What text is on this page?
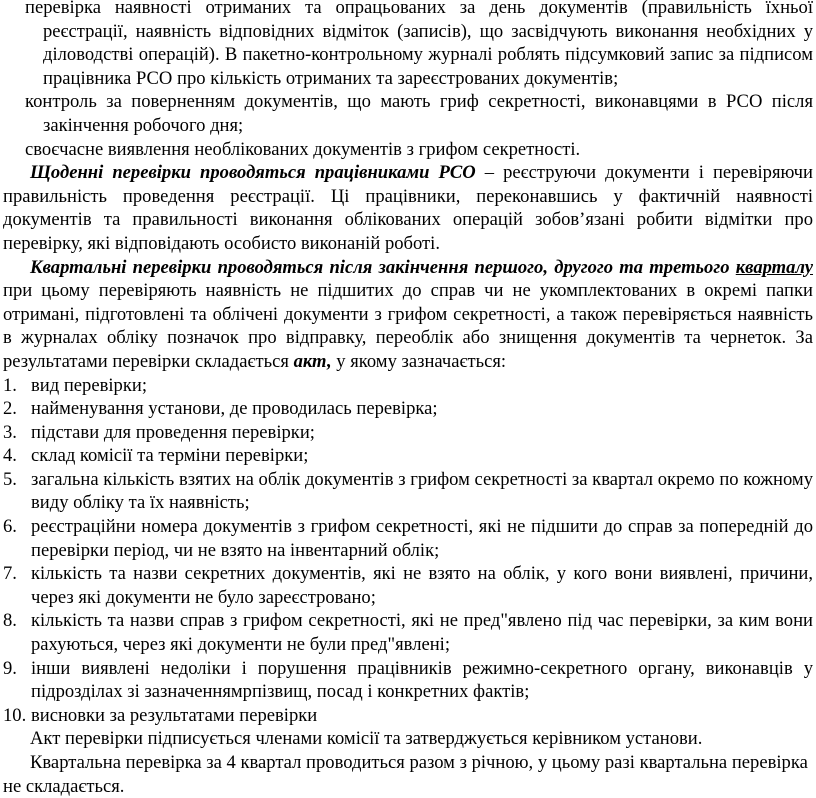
перевірка наявності отриманих та опрацьованих за день документів (правильність їхньої реєстрації, наявність відповідних відміток (записів), що засвідчують виконання необхідних у діловодстві операцій). В пакетно-контрольному журналі роблять підсумковий запис за підписом працівника РСО про кількість отриманих та зареєстрованих документів;

контроль за поверненням документів, що мають гриф секретності, виконавцями в РСО після закінчення робочого дня;

своєчасне виявлення необлікованих документів з грифом секретності.

Щоденні перевірки проводяться працівниками РСО – реєструючи документи і перевіряючи правильність проведення реєстрації. Ці працівники, переконавшись у фактичній наявності документів та правильності виконання облікованих операцій зобов’язані робити відмітки про перевірку, які відповідають особисто виконаній роботі.

Квартальні перевірки проводяться після закінчення першого, другого та третього кварталу при цьому перевіряють наявність не підшитих до справ чи не укомплектованих в окремі папки отримані, підготовлені та облічені документи з грифом секретності, а також перевіряється наявність в журналах обліку позначок про відправку, переоблік або знищення документів та чернеток. За результатами перевірки складається акт, у якому зазначається:

1. вид перевірки;

2. найменування установи, де проводилась перевірка;

3. підстави для проведення перевірки;

4. склад комісії та терміни перевірки;

5. загальна кількість взятих на облік документів з грифом секретності за квартал окремо по кожному виду обліку та їх наявність;

6. реєстраційни номера документів з грифом секретності, які не підшити до справ за попередній до перевірки період, чи не взято на інвентарний облік;

7. кількість та назви секретних документів, які не взято на облік, у кого вони виявлені, причини, через які документи не було зареєстровано;

8. кількість та назви справ з грифом секретності, які не пред"явлено під час перевірки, за ким вони рахуються, через які документи не були пред"явлені;

9. інши виявлені недоліки і порушення працівників режимно-секретного органу, виконавців у підрозділах зі зазначеннямрпізвищ, посад і конкретних фактів;

10. висновки за результатами перевірки

Акт перевірки підписується членами комісії та затверджується керівником установи.

Квартальна перевірка за 4 квартал проводиться разом з річною, у цьому разі квартальна перевірка не складається.
